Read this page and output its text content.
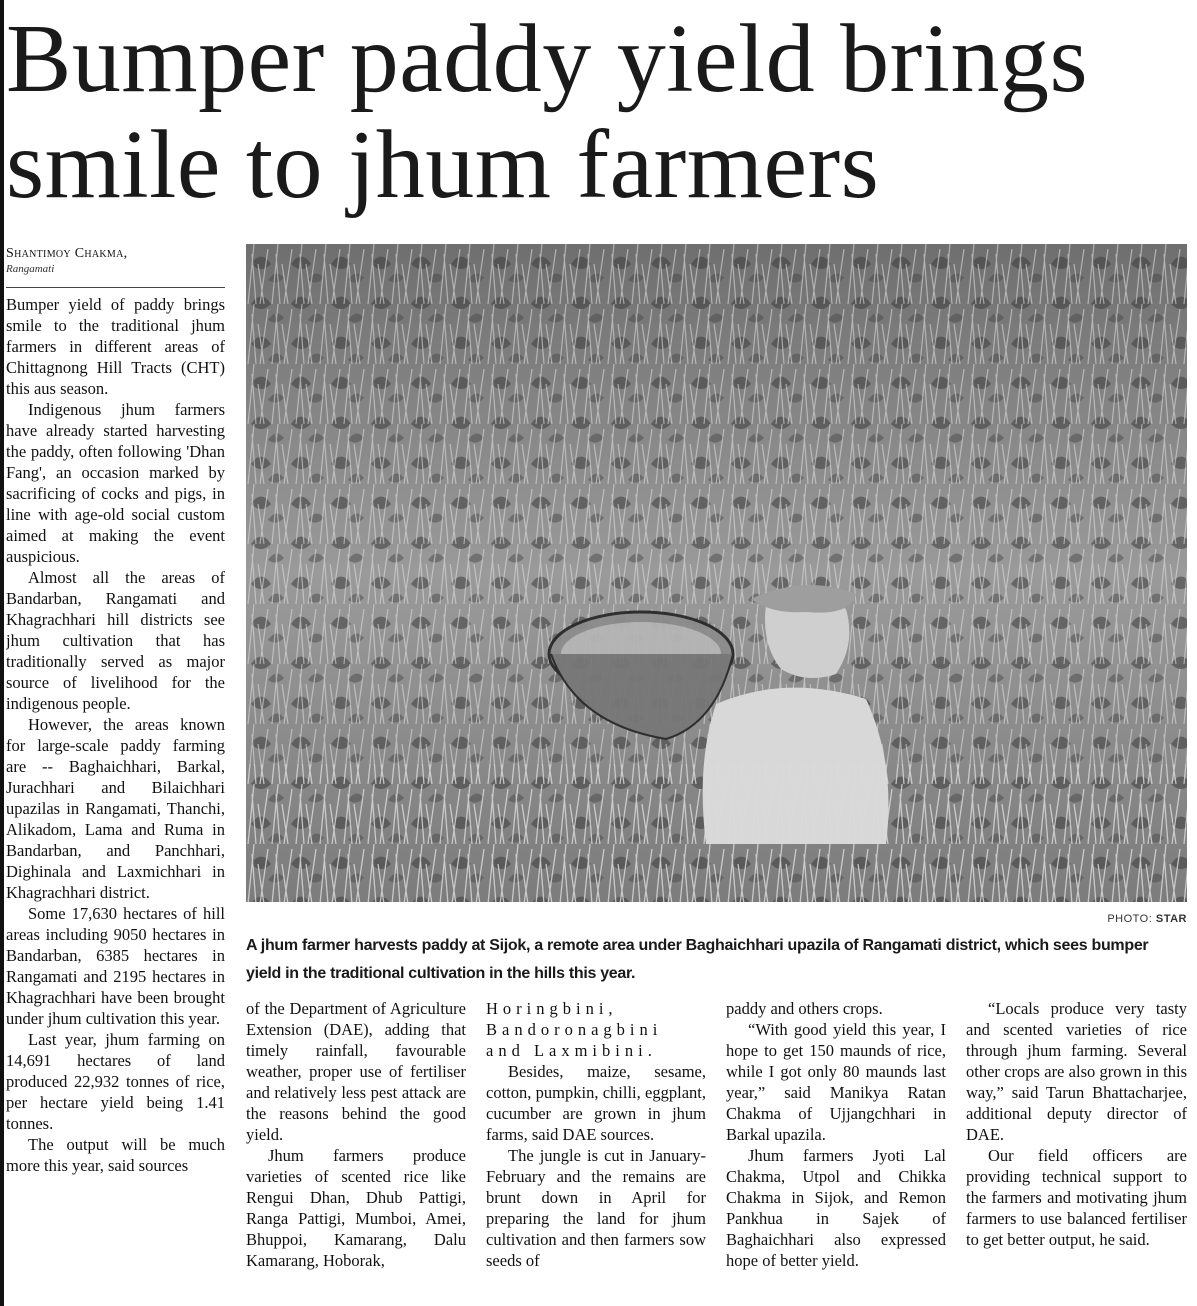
Bumper paddy yield brings smile to jhum farmers
Shantimoy Chakma,
Rangamati

Bumper yield of paddy brings smile to the traditional jhum farmers in different areas of Chittagnong Hill Tracts (CHT) this aus season.

Indigenous jhum farmers have already started harvesting the paddy, often following 'Dhan Fang', an occasion marked by sacrificing of cocks and pigs, in line with age-old social custom aimed at making the event auspicious.

Almost all the areas of Bandarban, Rangamati and Khagrachhari hill districts see jhum cultivation that has traditionally served as major source of livelihood for the indigenous people.

However, the areas known for large-scale paddy farming are -- Baghaichhari, Barkal, Jurachhari and Bilaichhari upazilas in Rangamati, Thanchi, Alikadom, Lama and Ruma in Bandarban, and Panchhari, Dighinala and Laxmichhari in Khagrachhari district.

Some 17,630 hectares of hill areas including 9050 hectares in Bandarban, 6385 hectares in Rangamati and 2195 hectares in Khagrachhari have been brought under jhum cultivation this year.

Last year, jhum farming on 14,691 hectares of land produced 22,932 tonnes of rice, per hectare yield being 1.41 tonnes.

The output will be much more this year, said sources

PHOTO: STAR
A jhum farmer harvests paddy at Sijok, a remote area under Baghaichhari upazila of Rangamati district, which sees bumper yield in the traditional cultivation in the hills this year.

of the Department of Agriculture Extension (DAE), adding that timely rainfall, favourable weather, proper use of fertiliser and relatively less pest attack are the reasons behind the good yield.

Jhum farmers produce varieties of scented rice like Rengui Dhan, Dhub Pattigi, Ranga Pattigi, Mumboi, Amei, Bhuppoi, Kamarang, Dalu Kamarang, Hoborak,

Horingbini, Bandoronagbini and Laxmibini.

Besides, maize, sesame, cotton, pumpkin, chilli, eggplant, cucumber are grown in jhum farms, said DAE sources.

The jungle is cut in January-February and the remains are brunt down in April for preparing the land for jhum cultivation and then farmers sow seeds of

paddy and others crops.

“With good yield this year, I hope to get 150 maunds of rice, while I got only 80 maunds last year,” said Manikya Ratan Chakma of Ujjangchhari in Barkal upazila.

Jhum farmers Jyoti Lal Chakma, Utpol and Chikka Chakma in Sijok, and Remon Pankhua in Sajek of Baghaichhari also expressed hope of better yield.

“Locals produce very tasty and scented varieties of rice through jhum farming. Several other crops are also grown in this way,” said Tarun Bhattacharjee, additional deputy director of DAE.

Our field officers are providing technical support to the farmers and motivating jhum farmers to use balanced fertiliser to get better output, he said.
